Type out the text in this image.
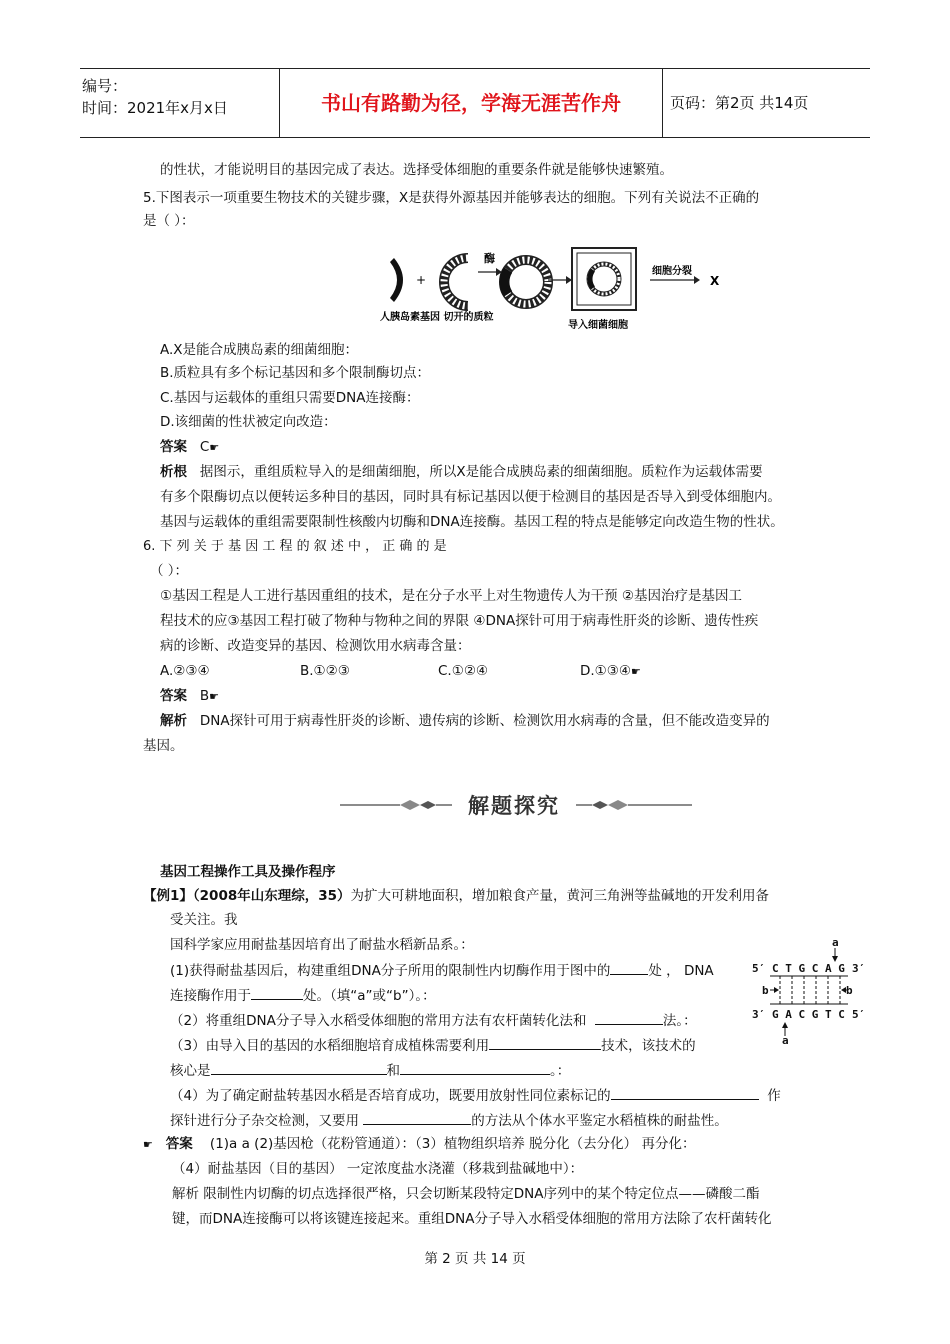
编号：
时间：2021年x月x日	书山有路勤为径，学海无涯苦作舟	页码：第2页 共14页
的性状，才能说明目的基因完成了表达。选择受体细胞的重要条件就是能够快速繁殖。
5.下图表示一项重要生物技术的关键步骤，X是获得外源基因并能够表达的细胞。下列有关说法不正确的
是（ ）：
+
酶
细胞分裂
X
人胰岛素基因 切开的质粒
导入细菌细胞
A.X是能合成胰岛素的细菌细胞：
B.质粒具有多个标记基因和多个限制酶切点：
C.基因与运载体的重组只需要DNA连接酶：
D.该细菌的性状被定向改造：
答案 C☛
析根 据图示，重组质粒导入的是细菌细胞，所以X是能合成胰岛素的细菌细胞。质粒作为运载体需要
有多个限酶切点以便转运多种目的基因，同时具有标记基因以便于检测目的基因是否导入到受体细胞内。
基因与运载体的重组需要限制性核酸内切酶和DNA连接酶。基因工程的特点是能够定向改造生物的性状。
6. 下 列 关 于 基 因 工 程 的 叙 述 中 ， 正 确 的 是
（ ）：
①基因工程是人工进行基因重组的技术，是在分子水平上对生物遗传人为干预 ②基因治疗是基因工
程技术的应③基因工程打破了物种与物种之间的界限 ④DNA探针可用于病毒性肝炎的诊断、遗传性疾
病的诊断、改造变异的基因、检测饮用水病毒含量：
A.②③④	B.①②③	C.①②④	D.①③④☛
答案 B☛
解析 DNA探针可用于病毒性肝炎的诊断、遗传病的诊断、检测饮用水病毒的含量，但不能改造变异的
基因。
解题探究
基因工程操作工具及操作程序
【例1】（2008年山东理综，35）为扩大可耕地面积，增加粮食产量，黄河三角洲等盐碱地的开发利用备
受关注。我
国科学家应用耐盐基因培育出了耐盐水稻新品系。：
(1)获得耐盐基因后，构建重组DNA分子所用的限制性内切酶作用于图中的	处 ， DNA
连接酶作用于	处。（填“a”或“b”）。：
（2）将重组DNA分子导入水稻受体细胞的常用方法有农杆菌转化法和	法。：
（3）由导入目的基因的水稻细胞培育成植株需要利用	技术，该技术的
核心是	和	。：
（4）为了确定耐盐转基因水稻是否培育成功，既要用放射性同位素标记的	作
探针进行分子杂交检测，又要用	的方法从个体水平鉴定水稻植株的耐盐性。
a
5′ C T G C A G 3′
b	b
3′ G A C G T C 5′
a
☛ 答案 (1)a a (2)基因枪（花粉管通道）：（3）植物组织培养 脱分化（去分化） 再分化：
（4）耐盐基因（目的基因） 一定浓度盐水浇灌（移栽到盐碱地中）：
解析 限制性内切酶的切点选择很严格，只会切断某段特定DNA序列中的某个特定位点——磷酸二酯
键，而DNA连接酶可以将该键连接起来。重组DNA分子导入水稻受体细胞的常用方法除了农杆菌转化
第 2 页 共 14 页
